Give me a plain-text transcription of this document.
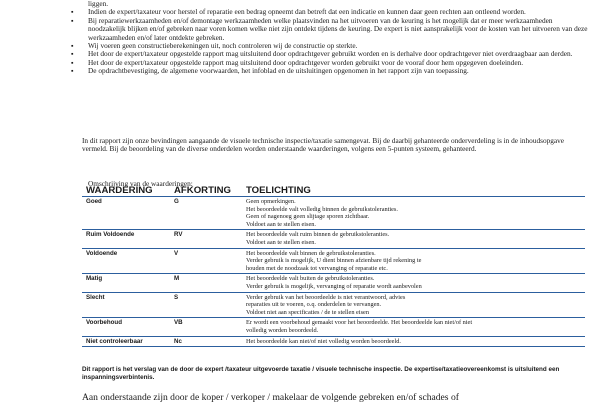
liggen.
▪ Indien de expert/taxateur voor herstel of reparatie een bedrag opneemt dan betreft dat een indicatie en kunnen daar geen rechten aan ontleend worden.
▪ Bij reparatiewerkzaamheden en/of demontage werkzaamheden welke plaatsvinden na het uitvoeren van de keuring is het mogelijk dat er meer werkzaamheden noodzakelijk blijken en/of gebreken naar voren komen welke niet zijn ontdekt tijdens de keuring. De expert is niet aansprakelijk voor de kosten van het uitvoeren van deze werkzaamheden en/of later ontdekte gebreken.
▪ Wij voeren geen constructieberekeningen uit, noch controleren wij de constructie op sterkte.
▪ Het door de expert/taxateur opgestelde rapport mag uitsluitend door opdrachtgever gebruikt worden en is derhalve door opdrachtgever niet overdraagbaar aan derden.
▪ Het door de expert/taxateur opgestelde rapport mag uitsluitend door opdrachtgever worden gebruikt voor de vooraf door hem opgegeven doeleinden.
▪ De opdrachtbevestiging, de algemene voorwaarden, het infoblad en de uitsluitingen opgenomen in het rapport zijn van toepassing.
In dit rapport zijn onze bevindingen aangaande de visuele technische inspectie/taxatie samengevat. Bij de daarbij gehanteerde onderverdeling is in de inhoudsopgave vermeld. Bij de beoordeling van de diverse onderdelen worden onderstaande waarderingen, volgens een 5-punten systeem, gehanteerd.
Omschrijving van de waarderingen:
WAARDERING	AFKORTING	TOELICHTING
Goed	G	Geen opmerkingen.
Het beoordeelde valt volledig binnen de gebruikstoleranties.
Geen of nagenoeg geen slijtage sporen zichtbaar.
Voldoet aan te stellen eisen.

Ruim Voldoende	RV	Het beoordeelde valt ruim binnen de gebruikstoleranties.
Voldoet aan te stellen eisen.

Voldoende	V	Het beoordeelde valt binnen de gebruikstoleranties.
Verder gebruik is mogelijk, U dient binnen afzienbare tijd rekening te
houden met de noodzaak tot vervanging of reparatie etc.

Matig	M	Het beoordeelde valt buiten de gebruikstoleranties.
Verder gebruik is mogelijk, vervanging of reparatie wordt aanbevolen

Slecht	S	Verder gebruik van het beoordeelde is niet verantwoord, advies
reparaties uit te voeren, o.q. onderdelen te vervangen.
Voldoet niet aan specificaties / de te stellen eisen

Voorbehoud	VB	Er wordt een voorbehoud gemaakt voor het beoordeelde. Het beoordeelde kan niet/of niet
volledig worden beoordeeld.

Niet controleerbaar	Nc	Het beoordeelde kan niet/of niet volledig worden beoordeeld.
Dit rapport is het verslag van de door de expert /taxateur uitgevoerde taxatie / visuele technische inspectie. De expertise/taxatieovereenkomst is uitsluitend een inspanningsverbintenis.
Aan onderstaande zijn door de koper / verkoper / makelaar de volgende gebreken en/of schades of
